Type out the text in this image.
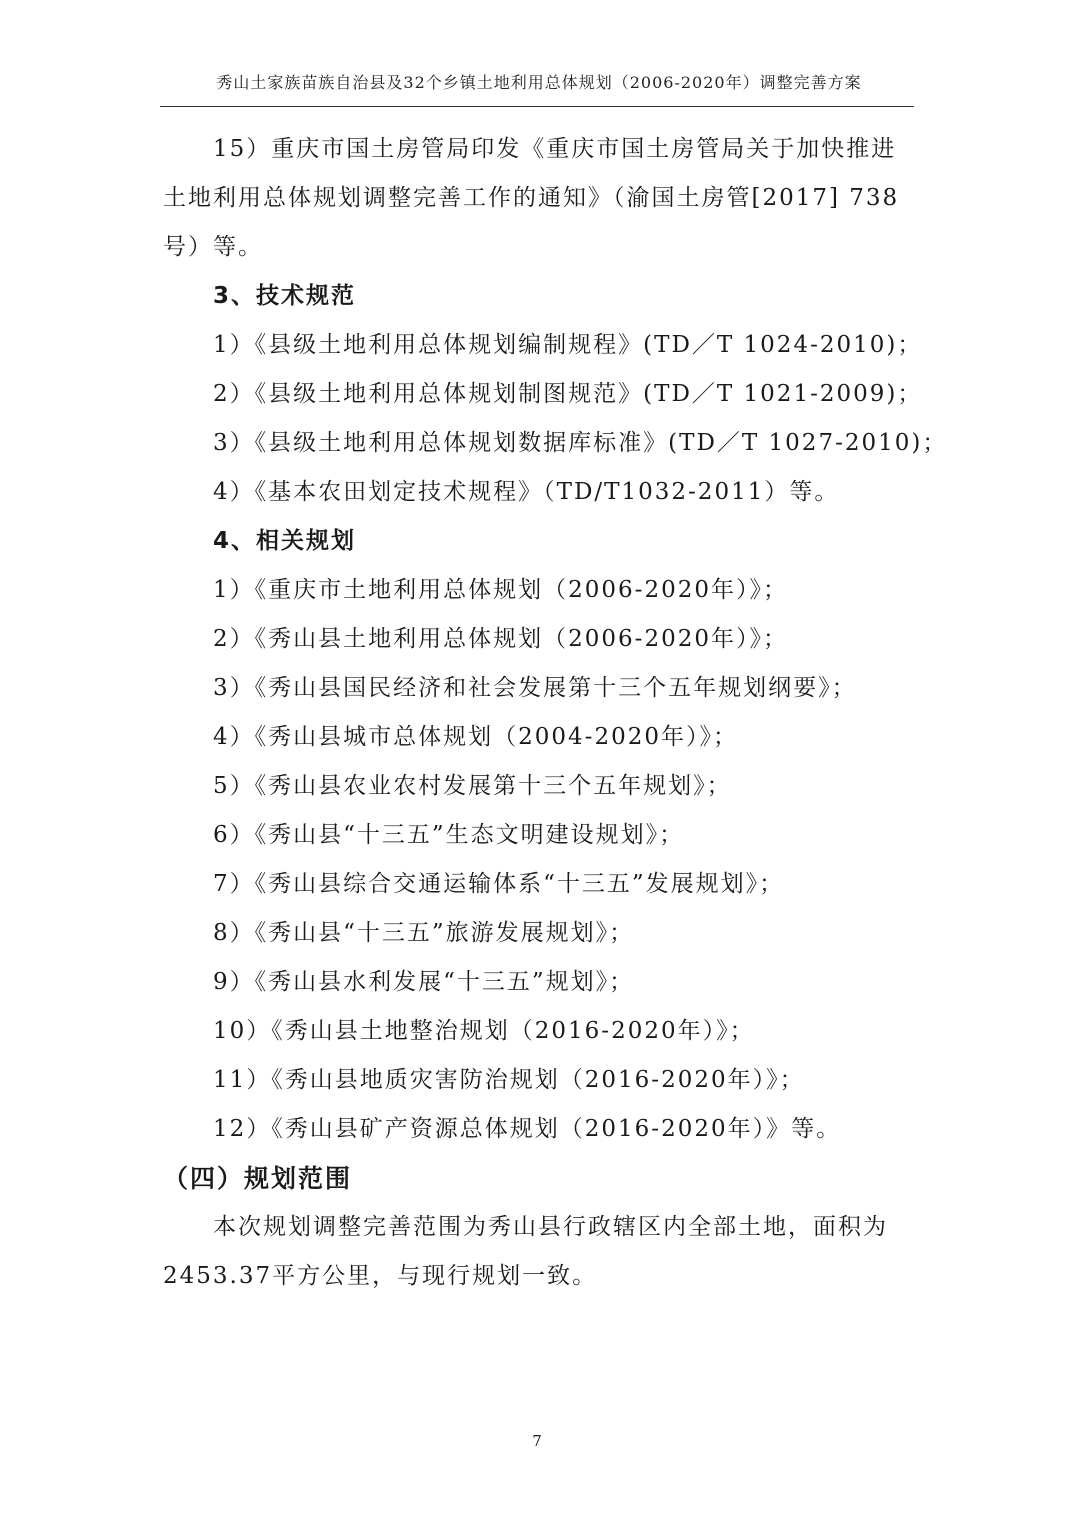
秀山土家族苗族自治县及32个乡镇土地利用总体规划（2006-2020年）调整完善方案

15）重庆市国土房管局印发《重庆市国土房管局关于加快推进土地利用总体规划调整完善工作的通知》（渝国土房管[2017] 738号）等。

3、技术规范

1）《县级土地利用总体规划编制规程》(TD／T 1024-2010)；

2）《县级土地利用总体规划制图规范》(TD／T 1021-2009)；

3）《县级土地利用总体规划数据库标准》(TD／T 1027-2010)；

4）《基本农田划定技术规程》（TD/T1032-2011）等。

4、相关规划

1）《重庆市土地利用总体规划（2006-2020年）》；

2）《秀山县土地利用总体规划（2006-2020年）》；

3）《秀山县国民经济和社会发展第十三个五年规划纲要》；

4）《秀山县城市总体规划（2004-2020年）》；

5）《秀山县农业农村发展第十三个五年规划》；

6）《秀山县“十三五”生态文明建设规划》；

7）《秀山县综合交通运输体系“十三五”发展规划》；

8）《秀山县“十三五”旅游发展规划》；

9）《秀山县水利发展“十三五”规划》；

10）《秀山县土地整治规划（2016-2020年）》；

11）《秀山县地质灾害防治规划（2016-2020年）》；

12）《秀山县矿产资源总体规划（2016-2020年）》等。

（四）规划范围

本次规划调整完善范围为秀山县行政辖区内全部土地，面积为2453.37平方公里，与现行规划一致。

7
